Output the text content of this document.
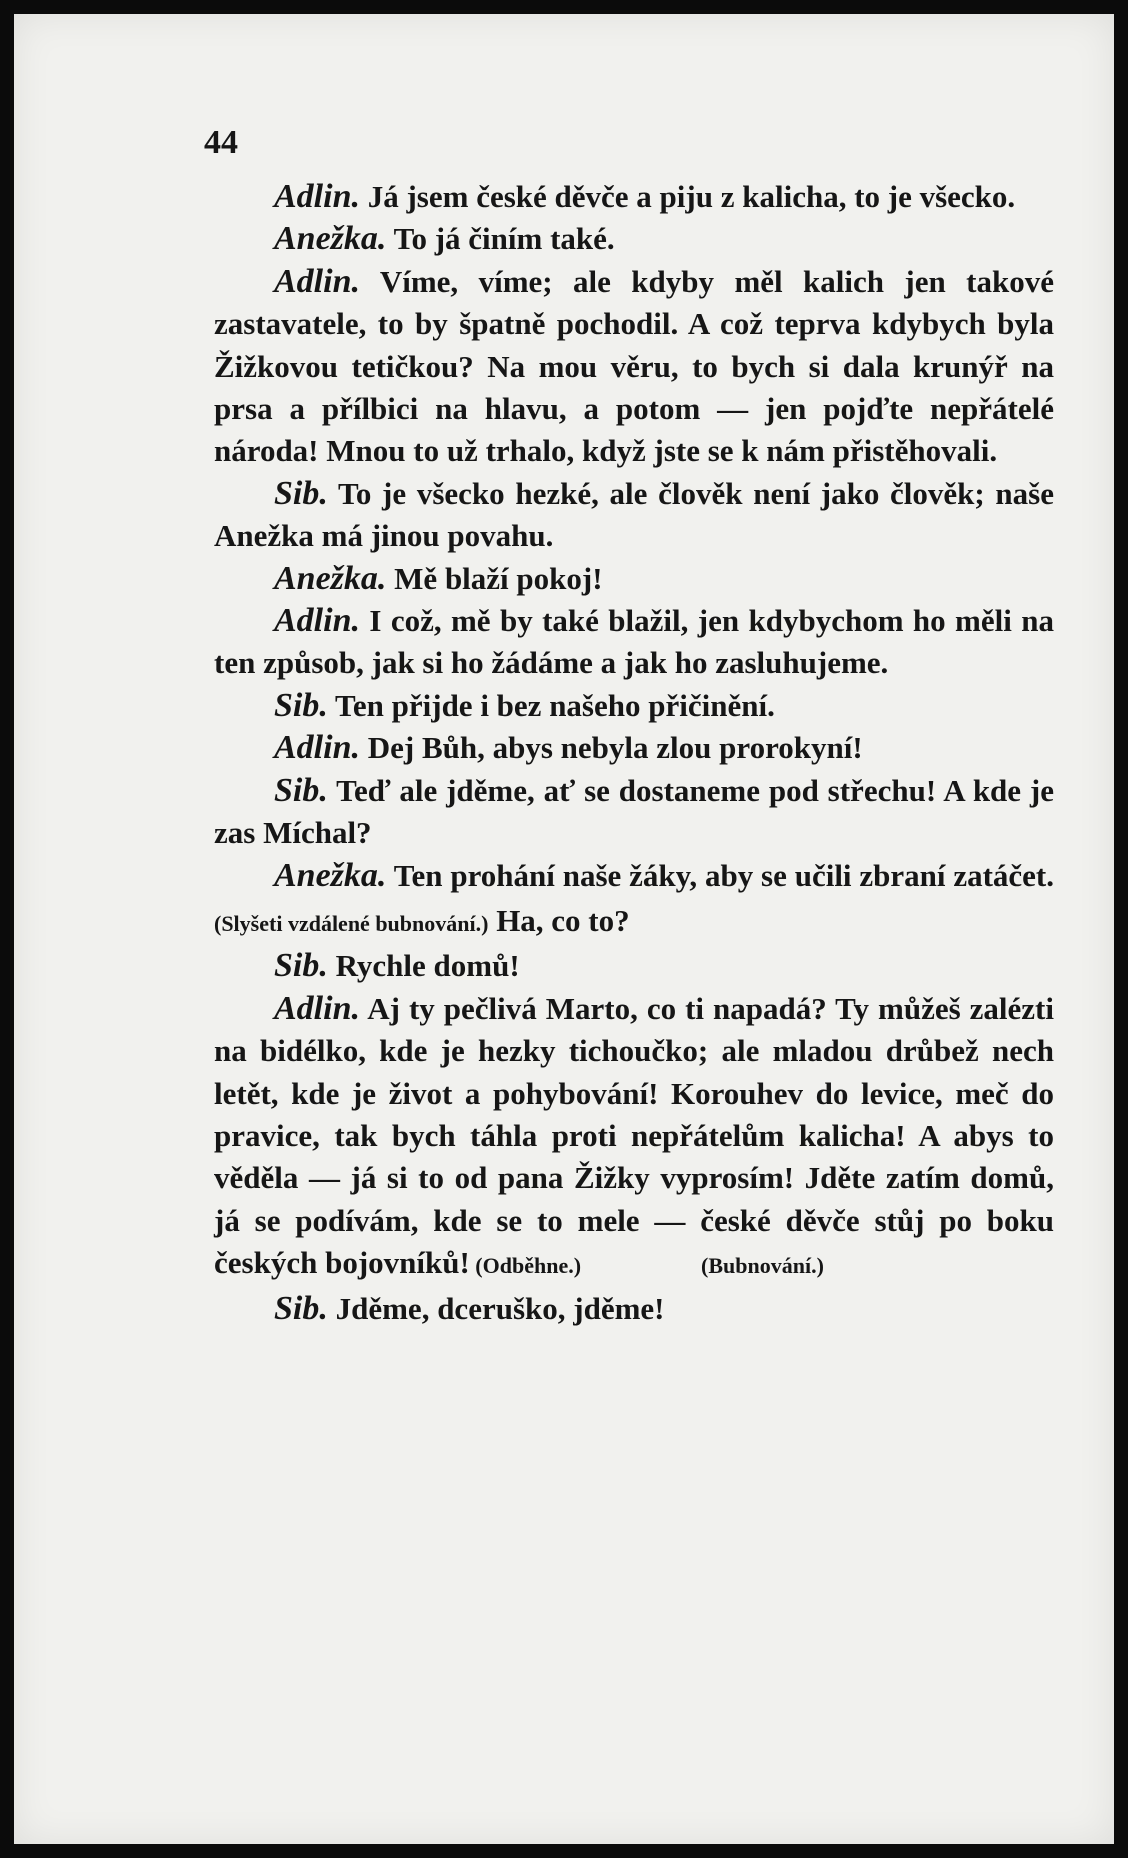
44

Adlin. Já jsem české děvče a piju z kalicha, to je všecko.

Anežka. To já činím také.

Adlin. Víme, víme; ale kdyby měl kalich jen takové zastavatele, to by špatně pochodil. A což teprva kdybych byla Žižkovou tetičkou? Na mou věru, to bych si dala krunýř na prsa a přílbici na hlavu, a potom — jen pojďte nepřátelé národa! Mnou to už trhalo, když jste se k nám přistěhovali.

Sib. To je všecko hezké, ale člověk není jako člověk; naše Anežka má jinou povahu.

Anežka. Mě blaží pokoj!

Adlin. I což, mě by také blažil, jen kdybychom ho měli na ten způsob, jak si ho žádáme a jak ho zasluhujeme.

Sib. Ten přijde i bez našeho přičinění.

Adlin. Dej Bůh, abys nebyla zlou prorokyní!

Sib. Teď ale jděme, ať se dostaneme pod střechu! A kde je zas Míchal?

Anežka. Ten prohání naše žáky, aby se učili zbraní zatáčet. (Slyšeti vzdálené bubnování.) Ha, co to?

Sib. Rychle domů!

Adlin. Aj ty pečlivá Marto, co ti napadá? Ty můžeš zalézti na bidélko, kde je hezky tichoučko; ale mladou drůbež nech letět, kde je život a pohybování! Korouhev do levice, meč do pravice, tak bych táhla proti nepřátelům kalicha! A abys to věděla — já si to od pana Žižky vyprosím! Jděte zatím domů, já se podívám, kde se to mele — české děvče stůj po boku českých bojovníků! (Odběhne.)	(Bubnování.)

Sib. Jděme, dceruško, jděme!
